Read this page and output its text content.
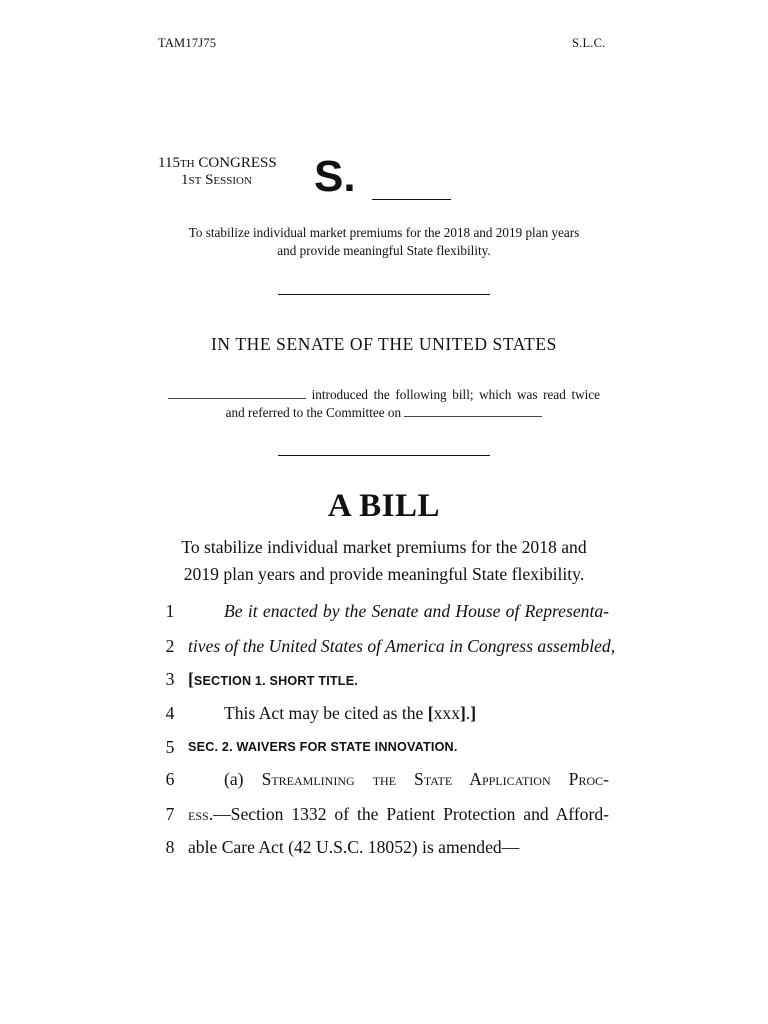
TAM17J75	S.L.C.
115TH CONGRESS
1ST Session S.
To stabilize individual market premiums for the 2018 and 2019 plan years
and provide meaningful State flexibility.
IN THE SENATE OF THE UNITED STATES
introduced the following bill; which was read twice
and referred to the Committee on
A BILL
To stabilize individual market premiums for the 2018 and
2019 plan years and provide meaningful State flexibility.
1	Be it enacted by the Senate and House of Representa-
2 tives of the United States of America in Congress assembled,
3 [SECTION 1. SHORT TITLE.
4	This Act may be cited as the [xxx].]
5	SEC. 2. WAIVERS FOR STATE INNOVATION.
6	(a) Streamlining the State Application Proc-
7 ess.—Section 1332 of the Patient Protection and Afford-
8 able Care Act (42 U.S.C. 18052) is amended—
